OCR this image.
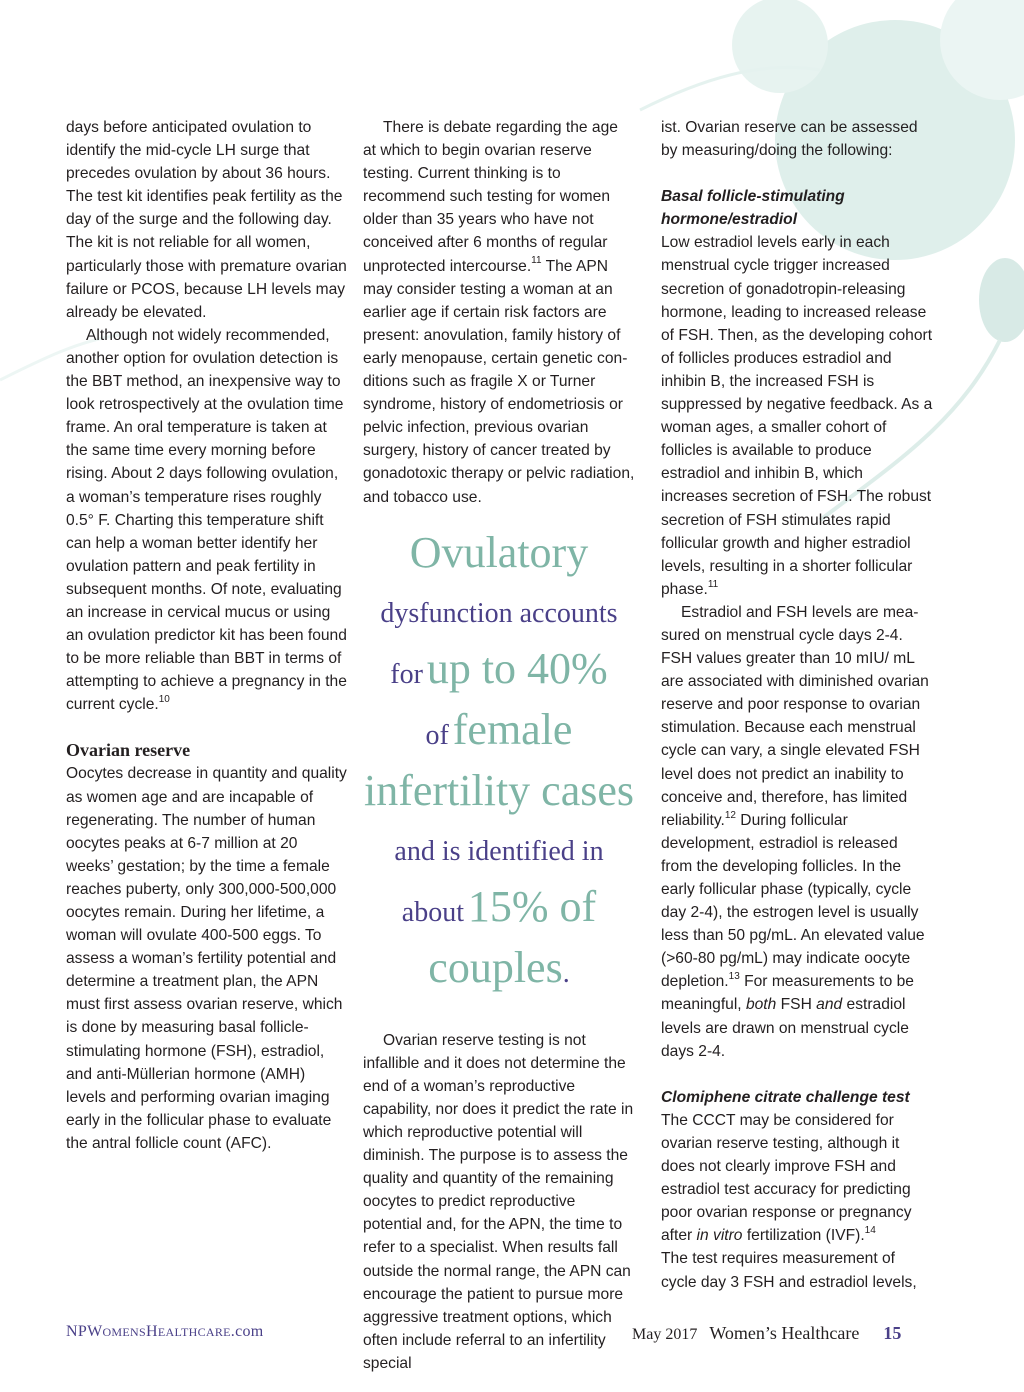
days before anticipated ovulation to identify the mid-cycle LH surge that precedes ovulation by about 36 hours. The test kit identifies peak fertility as the day of the surge and the following day. The kit is not reliable for all women, particularly those with premature ovarian failure or PCOS, because LH levels may already be elevated.

Although not widely recommended, another option for ovulation detection is the BBT method, an inexpensive way to look retrospectively at the ovulation time frame. An oral temperature is taken at the same time every morning before rising. About 2 days following ovulation, a woman’s temperature rises roughly 0.5° F. Charting this temperature shift can help a woman better identify her ovulation pattern and peak fertility in subsequent months. Of note, evaluating an increase in cervical mucus or using an ovulation predictor kit has been found to be more reliable than BBT in terms of attempting to achieve a pregnancy in the current cycle.$^{10}$

Ovarian reserve

Oocytes decrease in quantity and quality as women age and are incapable of regenerating. The number of human oocytes peaks at 6-7 million at 20 weeks’ gestation; by the time a female reaches puberty, only 300,000-500,000 oocytes remain. During her lifetime, a woman will ovulate 400-500 eggs. To assess a woman’s fertility potential and determine a treatment plan, the APN must first assess ovarian reserve, which is done by measuring basal follicle-stimulating hormone (FSH), estradiol, and anti-Müllerian hormone (AMH) levels and performing ovarian imaging early in the follicular phase to evaluate the antral follicle count (AFC).

There is debate regarding the age at which to begin ovarian reserve testing. Current thinking is to recommend such testing for women older than 35 years who have not conceived after 6 months of regular unprotected intercourse.$^{11}$ The APN may consider testing a woman at an earlier age if certain risk factors are present: anovulation, family history of early menopause, certain genetic conditions such as fragile X or Turner syndrome, history of endometriosis or pelvic infection, previous ovarian surgery, history of cancer treated by gonadotoxic therapy or pelvic radiation, and tobacco use.

Ovulatory
dysfunction accounts
for up to 40%
of female
infertility cases
and is identified in
about 15% of
couples.

Ovarian reserve testing is not infallible and it does not determine the end of a woman’s reproductive capability, nor does it predict the rate in which reproductive potential will diminish. The purpose is to assess the quality and quantity of the remaining oocytes to predict reproductive potential and, for the APN, the time to refer to a specialist. When results fall outside the normal range, the APN can encourage the patient to pursue more aggressive treatment options, which often include referral to an infertility special

ist. Ovarian reserve can be assessed by measuring/doing the following:

Basal follicle-stimulating hormone/estradiol

Low estradiol levels early in each menstrual cycle trigger increased secretion of gonadotropin-releasing hormone, leading to increased release of FSH. Then, as the developing cohort of follicles produces estradiol and inhibin B, the increased FSH is suppressed by negative feedback. As a woman ages, a smaller cohort of follicles is available to produce estradiol and inhibin B, which increases secretion of FSH. The robust secretion of FSH stimulates rapid follicular growth and higher estradiol levels, resulting in a shorter follicular phase.$^{11}$

Estradiol and FSH levels are measured on menstrual cycle days 2-4. FSH values greater than 10 mIU/ mL are associated with diminished ovarian reserve and poor response to ovarian stimulation. Because each menstrual cycle can vary, a single elevated FSH level does not predict an inability to conceive and, therefore, has limited reliability.$^{12}$ During follicular development, estradiol is released from the developing follicles. In the early follicular phase (typically, cycle day 2-4), the estrogen level is usually less than 50 pg/mL. An elevated value (>60-80 pg/mL) may indicate oocyte depletion.$^{13}$ For measurements to be meaningful, both FSH and estradiol levels are drawn on menstrual cycle days 2-4.

Clomiphene citrate challenge test

The CCCT may be considered for ovarian reserve testing, although it does not clearly improve FSH and estradiol test accuracy for predicting poor ovarian response or pregnancy after in vitro fertilization (IVF).$^{14}$

The test requires measurement of cycle day 3 FSH and estradiol levels,

NPWOMENSHEALTHCARE.com	May 2017 Women’s Healthcare 15
